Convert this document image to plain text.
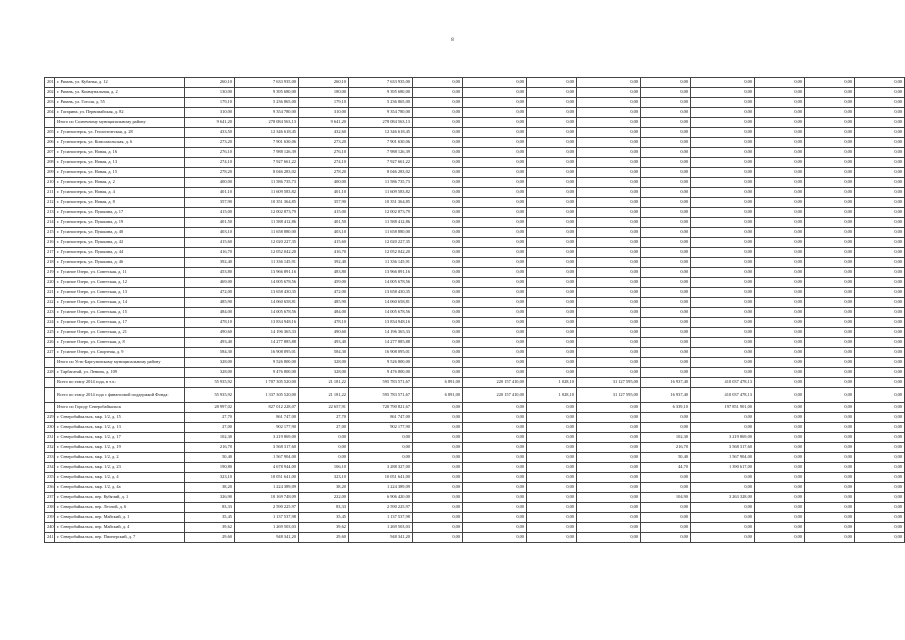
8
201	г. Рязань, ул. Кубанья, д. 12	260,10	7 633 935,00	260,10	7 633 935,00	0,00	0,00	0,00	0,00	0,00	0,00	0,00	0,00	0,00
202	г. Рязань, ул. Коммунальная, д. 2	130,00	9 395 680,00	180,00	9 395 680,00	0,00	0,00	0,00	0,00	0,00	0,00	0,00	0,00	0,00
203	г. Рязань, ул. Гоголя, д. 55	179,10	5 236 865,00	179,10	5 236 865,00	0,00	0,00	0,00	0,00	0,00	0,00	0,00	0,00	0,00
204	г. Гагарина, ул. Первомайская, д. 82	310,00	9 354 780,00	310,00	9 354 780,00	0,00	0,00	0,00	0,00	0,00	0,00	0,00	0,00	0,00
	Итого по Солнечному муниципальному району	9 641,20	278 084 563,13	9 641,20	278 084 563,13	0,00	0,00	0,00	0,00	0,00	0,00	0,00	0,00	0,00
205	г. Гусиноозерск, ул. Геологическая, д. 28	433,50	12 346 618,45	432,60	12 346 618,45	0,00	0,00	0,00	0,00	0,00	0,00	0,00	0,00	0,00
206	г. Гусиноозерск, ул. Комсомольская, д. 6	273,20	7 901 630,06	273,20	7 901 630,06	0,00	0,00	0,00	0,00	0,00	0,00	0,00	0,00	0,00
207	г. Гусиноозерск, ул. Новая, д. 16	276,10	7 988 126,39	276,10	7 988 126,39	0,00	0,00	0,00	0,00	0,00	0,00	0,00	0,00	0,00
208	г. Гусиноозерск, ул. Новая, д. 13	274,10	7 927 661,22	274,10	7 927 661,22	0,00	0,00	0,00	0,00	0,00	0,00	0,00	0,00	0,00
209	г. Гусиноозерск, ул. Новая, д. 15	278,20	8 046 283,02	278,20	8 046 283,02	0,00	0,00	0,00	0,00	0,00	0,00	0,00	0,00	0,00
210	г. Гусиноозерск, ул. Новая, д. 2	400,00	11 586 735,73	400,00	11 586 735,73	0,00	0,00	0,00	0,00	0,00	0,00	0,00	0,00	0,00
211	г. Гусиноозерск, ул. Новая, д. 4	401,10	11 609 583,82	401,10	11 609 583,82	0,00	0,00	0,00	0,00	0,00	0,00	0,00	0,00	0,00
212	г. Гусиноозерск, ул. Новая, д. 8	357,90	10 351 364,85	357,90	10 351 364,85	0,00	0,00	0,00	0,00	0,00	0,00	0,00	0,00	0,00
213	г. Гусиноозерск, ул. Пушкина, д. 17	415,00	12 002 873,79	415,00	12 002 873,79	0,00	0,00	0,00	0,00	0,00	0,00	0,00	0,00	0,00
214	г. Гусиноозерск, ул. Пушкина, д. 19	401,50	11 588 412,86	401,50	11 588 412,86	0,00	0,00	0,00	0,00	0,00	0,00	0,00	0,00	0,00
215	г. Гусиноозерск, ул. Пушкина, д. 40	403,10	11 658 880,00	403,10	11 658 880,00	0,00	0,00	0,00	0,00	0,00	0,00	0,00	0,00	0,00
216	г. Гусиноозерск, ул. Пушкина, д. 42	415,60	12 020 227,35	415,60	12 020 227,35	0,00	0,00	0,00	0,00	0,00	0,00	0,00	0,00	0,00
217	г. Гусиноозерск, ул. Пушкина, д. 44	416,70	12 052 042,20	416,70	12 052 042,20	0,00	0,00	0,00	0,00	0,00	0,00	0,00	0,00	0,00
218	г. Гусиноозерск, ул. Пушкина, д. 46	392,40	11 336 145,91	392,40	11 336 145,91	0,00	0,00	0,00	0,00	0,00	0,00	0,00	0,00	0,00
219	г. Гусиное Озеро, ул. Советская, д. 11	453,80	13 966 891,16	483,80	13 966 891,16	0,00	0,00	0,00	0,00	0,00	0,00	0,00	0,00	0,00
220	г. Гусиное Озеро, ул. Советская, д. 12	469,00	14 005 678,56	459,00	14 005 678,56	0,00	0,00	0,00	0,00	0,00	0,00	0,00	0,00	0,00
221	г. Гусиное Озеро, ул. Советская, д. 13	472,00	13 658 430,35	472,00	13 658 430,35	0,00	0,00	0,00	0,00	0,00	0,00	0,00	0,00	0,00
222	г. Гусиное Озеро, ул. Советская, д. 14	485,90	14 060 658,81	485,90	14 060 658,81	0,00	0,00	0,00	0,00	0,00	0,00	0,00	0,00	0,00
223	г. Гусиное Озеро, ул. Советская, д. 15	484,00	14 005 678,56	484,00	14 005 678,56	0,00	0,00	0,00	0,00	0,00	0,00	0,00	0,00	0,00
224	г. Гусиное Озеро, ул. Советская, д. 17	478,10	13 834 948,16	478,10	13 834 948,16	0,00	0,00	0,00	0,00	0,00	0,00	0,00	0,00	0,00
225	г. Гусиное Озеро, ул. Советская, д. 21	490,60	14 196 365,33	490,60	14 196 365,33	0,00	0,00	0,00	0,00	0,00	0,00	0,00	0,00	0,00
226	г. Гусиное Озеро, ул. Советская, д. 8	493,40	14 277 885,88	493,40	14 277 885,88	0,00	0,00	0,00	0,00	0,00	0,00	0,00	0,00	0,00
227	г. Гусиное Озеро, ул. Спортная, д. 9	584,30	16 908 095,01	584,30	16 908 095,01	0,00	0,00	0,00	0,00	0,00	0,00	0,00	0,00	0,00
	Итого по Усть-Баргузинскому муниципальному району	328,00	9 526 800,00	328,00	9 526 800,00	0,00	0,00	0,00	0,00	0,00	0,00	0,00	0,00	0,00
228	г. Тарбагатай, ул. Ленина, д. 109	328,00	9 476 800,00	328,00	9 476 800,00	0,00	0,00	0,00	0,00	0,00	0,00	0,00	0,00	0,00
	Всего по этапу 2014 года, в т.ч.:	55 935,92	1 707 305 520,00	21 181,22	595 783 571,67	6 891,00	220 157 410,00	1 028,10	31 127 595,00	16 937,40	410 037 478,13	0,00	0,00	0,00
	Всего по этапу 2014 года с финансовой поддержкой Фонда:	55 935,92	1 337 305 520,00	21 181,22	595 783 571,67	6 891,00	220 157 410,00	1 028,10	31 127 595,00	16 937,40	410 037 478,13	0,00	0,00	0,00
	Итого по Городу Северобайкальск	28 997,02	827 012 228,07	22 657,91	720 790 821,67	0,00	0,00	0,00	0,00	6 339,10	197 851 901,00	0,00	0,00	0,00
229	г. Северобайкальск, мкр. 1/2, д. 15	27,70	861 747,00	27,70	861 747,00	0,00	0,00	0,00	0,00	0,00	0,00	0,00	0,00	0,00
230	г. Северобайкальск, мкр. 1/2, д. 13	27,00	902 177,90	27,00	902 177,90	0,00	0,00	0,00	0,00	0,00	0,00	0,00	0,00	0,00
231	г. Северобайкальск, мкр. 1/2, д. 17	102,30	3 219 869,00	0,00	0,00	0,00	0,00	0,00	0,00	102,30	3 219 869,00	0,00	0,00	0,00
232	г. Северобайкальск, мкр. 1/2, д. 19	216,70	3 568 317,60	0,00	0,00	0,00	0,00	0,00	0,00	216,70	3 568 317,60	0,00	0,00	0,00
233	г. Северобайкальск, мкр. 1/2, д. 2	50,40	1 567 904,00	0,00	0,00	0,00	0,00	0,00	0,00	50,40	1 567 904,00	0,00	0,00	0,00
234	г. Северобайкальск, мкр. 1/2, д. 23	190,80	4 678 944,00	106,10	3 288 327,00	0,00	0,00	0,00	0,00	44,70	1 390 617,00	0,00	0,00	0,00
235	г. Северобайкальск, мкр. 1/2, д. 4	323,10	10 051 641,00	323,10	10 051 641,00	0,00	0,00	0,00	0,00	0,00	0,00	0,00	0,00	0,00
236	г. Северобайкальск, мкр. 1/2, д. 4а	38,20	1 224 389,09	38,20	1 224 389,09	0,00	0,00	0,00	0,00	0,00	0,00	0,00	0,00	0,00
237	г. Северобайкальск, пер. Кубячий, д. 1	326,90	10 169 748,09	222,00	6 906 420,00	0,00	0,00	0,00	0,00	104,90	3 263 328,00	0,00	0,00	0,00
238	г. Северобайкальск, пер. Лесной, д. 6	83,33	2 590 225,97	83,33	2 590 225,97	0,00	0,00	0,00	0,00	0,00	0,00	0,00	0,00	0,00
239	г. Северобайкальск, пер. Майский, д. 1	35,45	1 137 537,98	35,45	1 137 537,98	0,00	0,00	0,00	0,00	0,00	0,00	0,00	0,00	0,00
240	г. Северобайкальск, пер. Майский, д. 4	39,62	1 269 503,03	39,62	1 269 503,03	0,00	0,00	0,00	0,00	0,00	0,00	0,00	0,00	0,00
241	г. Северобайкальск, пер. Пионерский, д. 7	29,60	948 341,20	29,60	948 341,20	0,00	0,00	0,00	0,00	0,00	0,00	0,00	0,00	0,00
